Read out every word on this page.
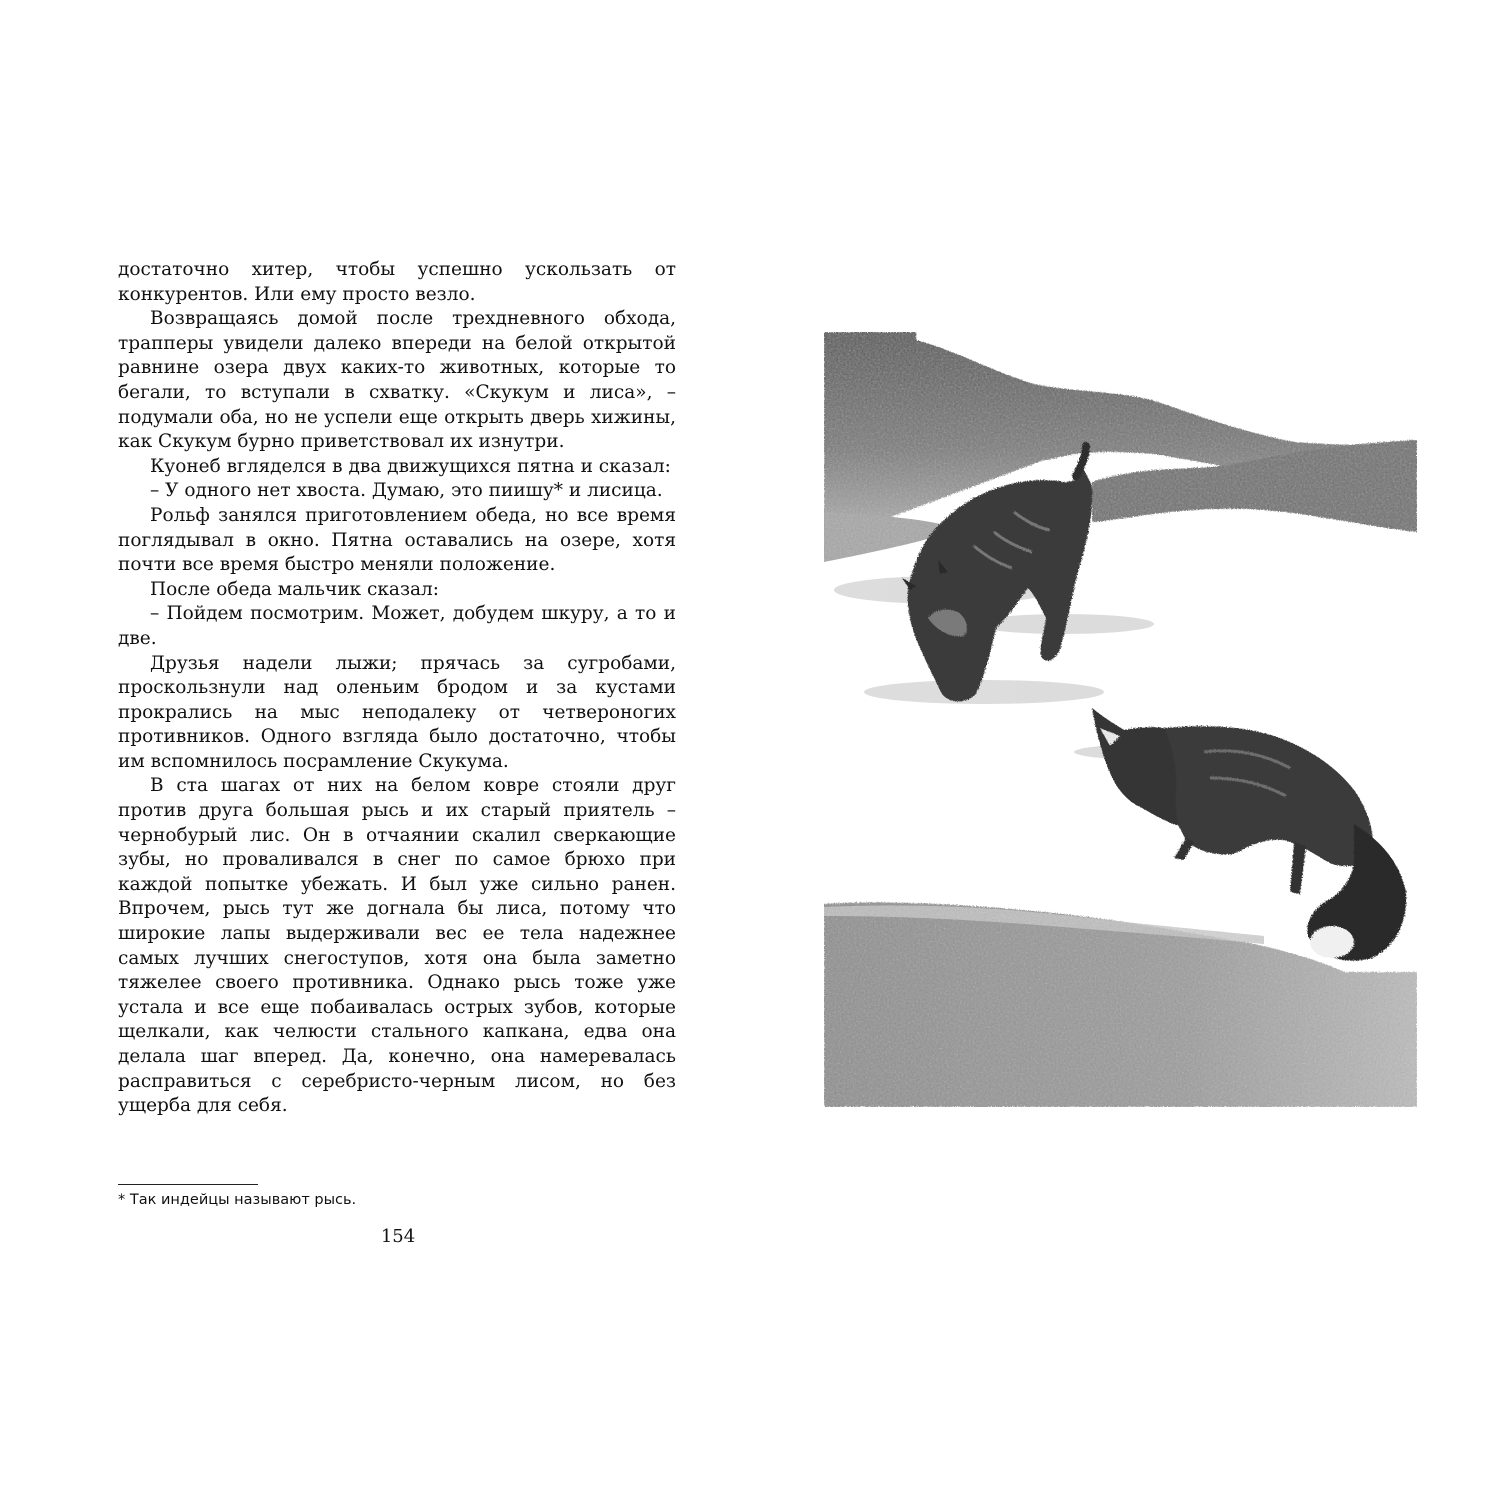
достаточно хитер, чтобы успешно ускользать от конкурентов. Или ему просто везло.

Возвращаясь домой после трехдневного обхода, трапперы увидели далеко впереди на белой открытой равнине озера двух каких-то животных, которые то бегали, то вступали в схватку. «Скукум и лиса», – подумали оба, но не успели еще открыть дверь хижины, как Скукум бурно приветствовал их изнутри.

Куонеб вгляделся в два движущихся пятна и сказал:

– У одного нет хвоста. Думаю, это пиишу* и лисица.

Рольф занялся приготовлением обеда, но все время поглядывал в окно. Пятна оставались на озере, хотя почти все время быстро меняли положение.

После обеда мальчик сказал:

– Пойдем посмотрим. Может, добудем шкуру, а то и две.

Друзья надели лыжи; прячась за сугробами, проскользнули над оленьим бродом и за кустами прокрались на мыс неподалеку от четвероногих противников. Одного взгляда было достаточно, чтобы им вспомнилось посрамление Скукума.

В ста шагах от них на белом ковре стояли друг против друга большая рысь и их старый приятель – чернобурый лис. Он в отчаянии скалил сверкающие зубы, но проваливался в снег по самое брюхо при каждой попытке убежать. И был уже сильно ранен. Впрочем, рысь тут же догнала бы лиса, потому что широкие лапы выдерживали вес ее тела надежнее самых лучших снегоступов, хотя она была заметно тяжелее своего противника. Однако рысь тоже уже устала и все еще побаивалась острых зубов, которые щелкали, как челюсти стального капкана, едва она делала шаг вперед. Да, конечно, она намеревалась расправиться с серебристо-черным лисом, но без ущерба для себя.

* Так индейцы называют рысь.
154
